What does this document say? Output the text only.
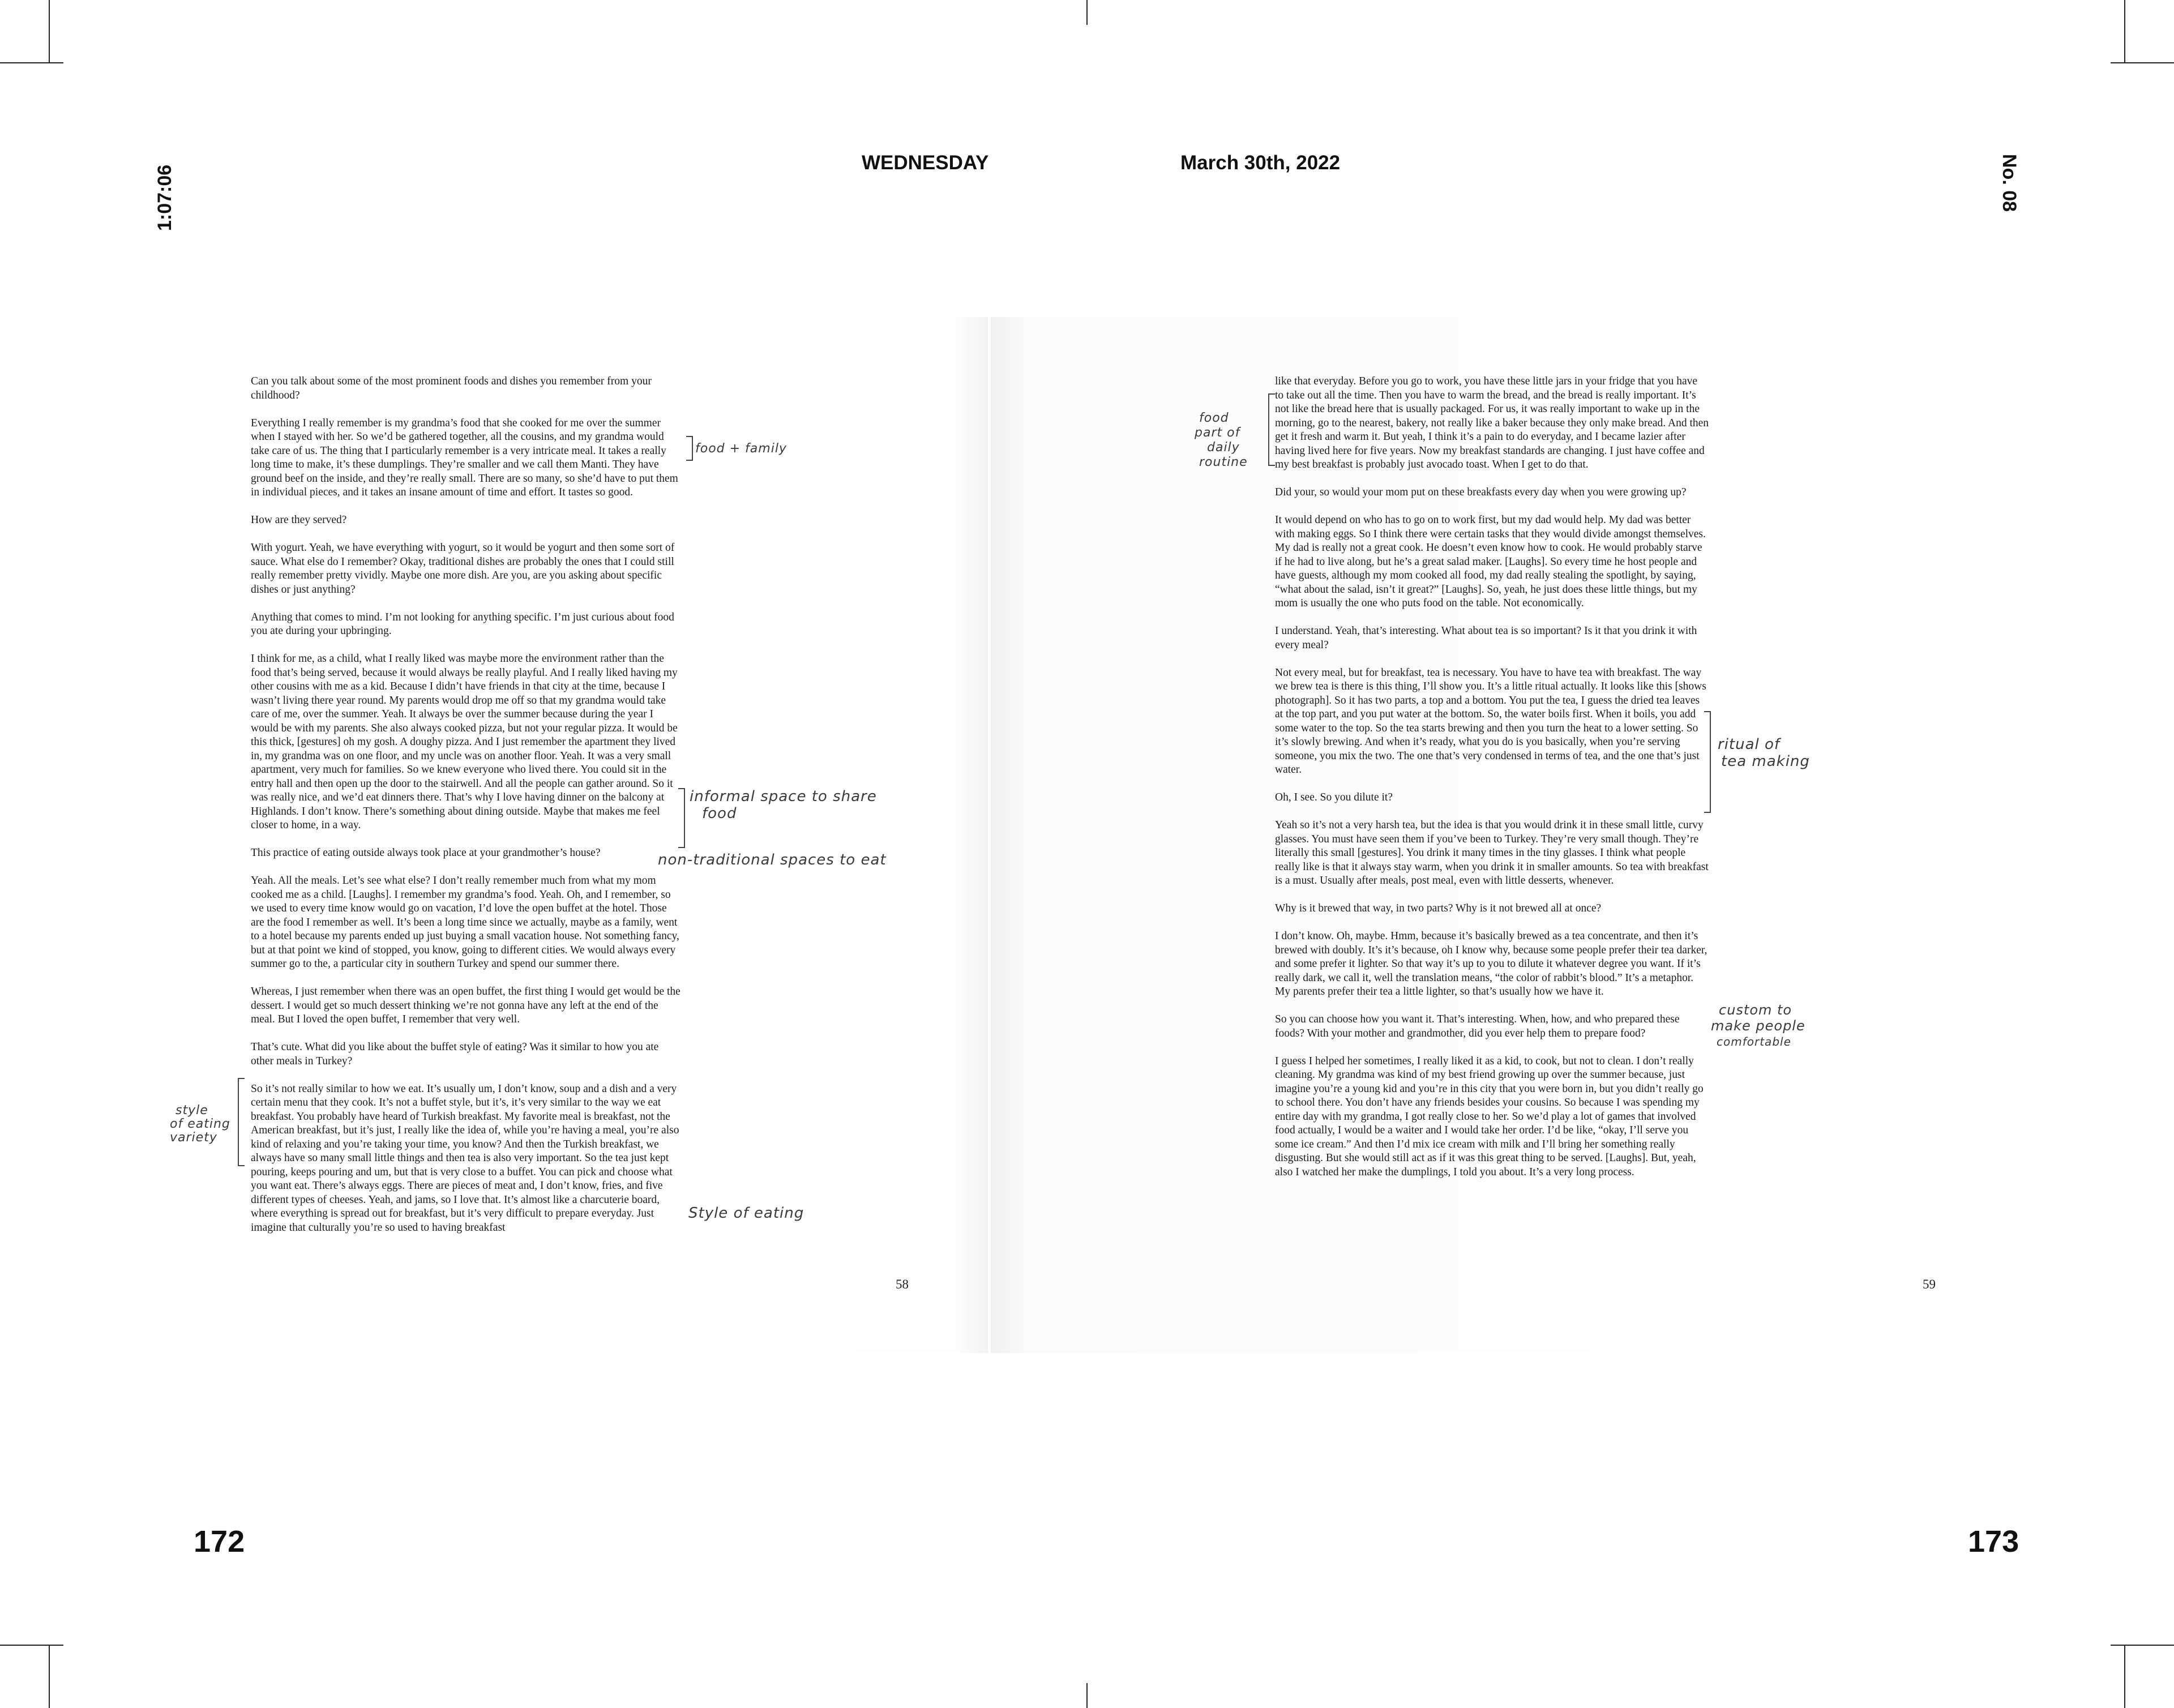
1:07:06
WEDNESDAY	March 30th, 2022	No. 08
172	173

Can you talk about some of the most prominent foods and dishes you remember from your childhood?

Everything I really remember is my grandma’s food that she cooked for me over the summer when I stayed with her. So we’d be gathered together, all the cousins, and my grandma would take care of us. The thing that I particularly remember is a very intricate meal. It takes a really long time to make, it’s these dumplings. They’re smaller and we call them Manti. They have ground beef on the inside, and they’re really small. There are so many, so she’d have to put them in individual pieces, and it takes an insane amount of time and effort. It tastes so good.

How are they served?

With yogurt. Yeah, we have everything with yogurt, so it would be yogurt and then some sort of sauce. What else do I remember? Okay, traditional dishes are probably the ones that I could still really remember pretty vividly. Maybe one more dish. Are you, are you asking about specific dishes or just anything?

Anything that comes to mind. I’m not looking for anything specific. I’m just curious about food you ate during your upbringing.

I think for me, as a child, what I really liked was maybe more the environment rather than the food that’s being served, because it would always be really playful. And I really liked having my other cousins with me as a kid. Because I didn’t have friends in that city at the time, because I wasn’t living there year round. My parents would drop me off so that my grandma would take care of me, over the summer. Yeah. It always be over the summer because during the year I would be with my parents. She also always cooked pizza, but not your regular pizza. It would be this thick, [gestures] oh my gosh. A doughy pizza. And I just remember the apartment they lived in, my grandma was on one floor, and my uncle was on another floor. Yeah. It was a very small apartment, very much for families. So we knew everyone who lived there. You could sit in the entry hall and then open up the door to the stairwell. And all the people can gather around. So it was really nice, and we’d eat dinners there. That’s why I love having dinner on the balcony at Highlands. I don’t know. There’s something about dining outside. Maybe that makes me feel closer to home, in a way.

This practice of eating outside always took place at your grandmother’s house?

Yeah. All the meals. Let’s see what else? I don’t really remember much from what my mom cooked me as a child. [Laughs]. I remember my grandma’s food. Yeah. Oh, and I remember, so we used to every time know would go on vacation, I’d love the open buffet at the hotel. Those are the food I remember as well. It’s been a long time since we actually, maybe as a family, went to a hotel because my parents ended up just buying a small vacation house. Not something fancy, but at that point we kind of stopped, you know, going to different cities. We would always every summer go to the, a particular city in southern Turkey and spend our summer there.

Whereas, I just remember when there was an open buffet, the first thing I would get would be the dessert. I would get so much dessert thinking we’re not gonna have any left at the end of the meal. But I loved the open buffet, I remember that very well.

That’s cute. What did you like about the buffet style of eating? Was it similar to how you ate other meals in Turkey?

So it’s not really similar to how we eat. It’s usually um, I don’t know, soup and a dish and a very certain menu that they cook. It’s not a buffet style, but it’s, it’s very similar to the way we eat breakfast. You probably have heard of Turkish breakfast. My favorite meal is breakfast, not the American breakfast, but it’s just, I really like the idea of, while you’re having a meal, you’re also kind of relaxing and you’re taking your time, you know? And then the Turkish breakfast, we always have so many small little things and then tea is also very important. So the tea just kept pouring, keeps pouring and um, but that is very close to a buffet. You can pick and choose what you want eat. There’s always eggs. There are pieces of meat and, I don’t know, fries, and five different types of cheeses. Yeah, and jams, so I love that. It’s almost like a charcuterie board, where everything is spread out for breakfast, but it’s very difficult to prepare everyday. Just imagine that culturally you’re so used to having breakfast

58

like that everyday. Before you go to work, you have these little jars in your fridge that you have to take out all the time. Then you have to warm the bread, and the bread is really important. It’s not like the bread here that is usually packaged. For us, it was really important to wake up in the morning, go to the nearest, bakery, not really like a baker because they only make bread. And then get it fresh and warm it. But yeah, I think it’s a pain to do everyday, and I became lazier after having lived here for five years. Now my breakfast standards are changing. I just have coffee and my best breakfast is probably just avocado toast. When I get to do that.

Did your, so would your mom put on these breakfasts every day when you were growing up?

It would depend on who has to go on to work first, but my dad would help. My dad was better with making eggs. So I think there were certain tasks that they would divide amongst themselves. My dad is really not a great cook. He doesn’t even know how to cook. He would probably starve if he had to live along, but he’s a great salad maker. [Laughs]. So every time he host people and have guests, although my mom cooked all food, my dad really stealing the spotlight, by saying, “what about the salad, isn’t it great?” [Laughs]. So, yeah, he just does these little things, but my mom is usually the one who puts food on the table. Not economically.

I understand. Yeah, that’s interesting. What about tea is so important? Is it that you drink it with every meal?

Not every meal, but for breakfast, tea is necessary. You have to have tea with breakfast. The way we brew tea is there is this thing, I’ll show you. It’s a little ritual actually. It looks like this [shows photograph]. So it has two parts, a top and a bottom. You put the tea, I guess the dried tea leaves at the top part, and you put water at the bottom. So, the water boils first. When it boils, you add some water to the top. So the tea starts brewing and then you turn the heat to a lower setting. So it’s slowly brewing. And when it’s ready, what you do is you basically, when you’re serving someone, you mix the two. The one that’s very condensed in terms of tea, and the one that’s just water.

Oh, I see. So you dilute it?

Yeah so it’s not a very harsh tea, but the idea is that you would drink it in these small little, curvy glasses. You must have seen them if you’ve been to Turkey. They’re very small though. They’re literally this small [gestures]. You drink it many times in the tiny glasses. I think what people really like is that it always stay warm, when you drink it in smaller amounts. So tea with breakfast is a must. Usually after meals, post meal, even with little desserts, whenever.

Why is it brewed that way, in two parts? Why is it not brewed all at once?

I don’t know. Oh, maybe. Hmm, because it’s basically brewed as a tea concentrate, and then it’s brewed with doubly. It’s it’s because, oh I know why, because some people prefer their tea darker, and some prefer it lighter. So that way it’s up to you to dilute it whatever degree you want. If it’s really dark, we call it, well the translation means, “the color of rabbit’s blood.” It’s a metaphor. My parents prefer their tea a little lighter, so that’s usually how we have it.

So you can choose how you want it. That’s interesting. When, how, and who prepared these foods? With your mother and grandmother, did you ever help them to prepare food?

I guess I helped her sometimes, I really liked it as a kid, to cook, but not to clean. I don’t really cleaning. My grandma was kind of my best friend growing up over the summer because, just imagine you’re a young kid and you’re in this city that you were born in, but you didn’t really go to school there. You don’t have any friends besides your cousins. So because I was spending my entire day with my grandma, I got really close to her. So we’d play a lot of games that involved food actually, I would be a waiter and I would take her order. I’d be like, “okay, I’ll serve you some ice cream.” And then I’d mix ice cream with milk and I’ll bring her something really disgusting. But she would still act as if it was this great thing to be served. [Laughs]. But, yeah, also I watched her make the dumplings, I told you about. It’s a very long process.

59
food + family
informal space to share
food
non-traditional spaces to eat
style
of eating
variety
Style of eating
food
part of
daily
routine
ritual of
tea making
custom to
make people
comfortable
